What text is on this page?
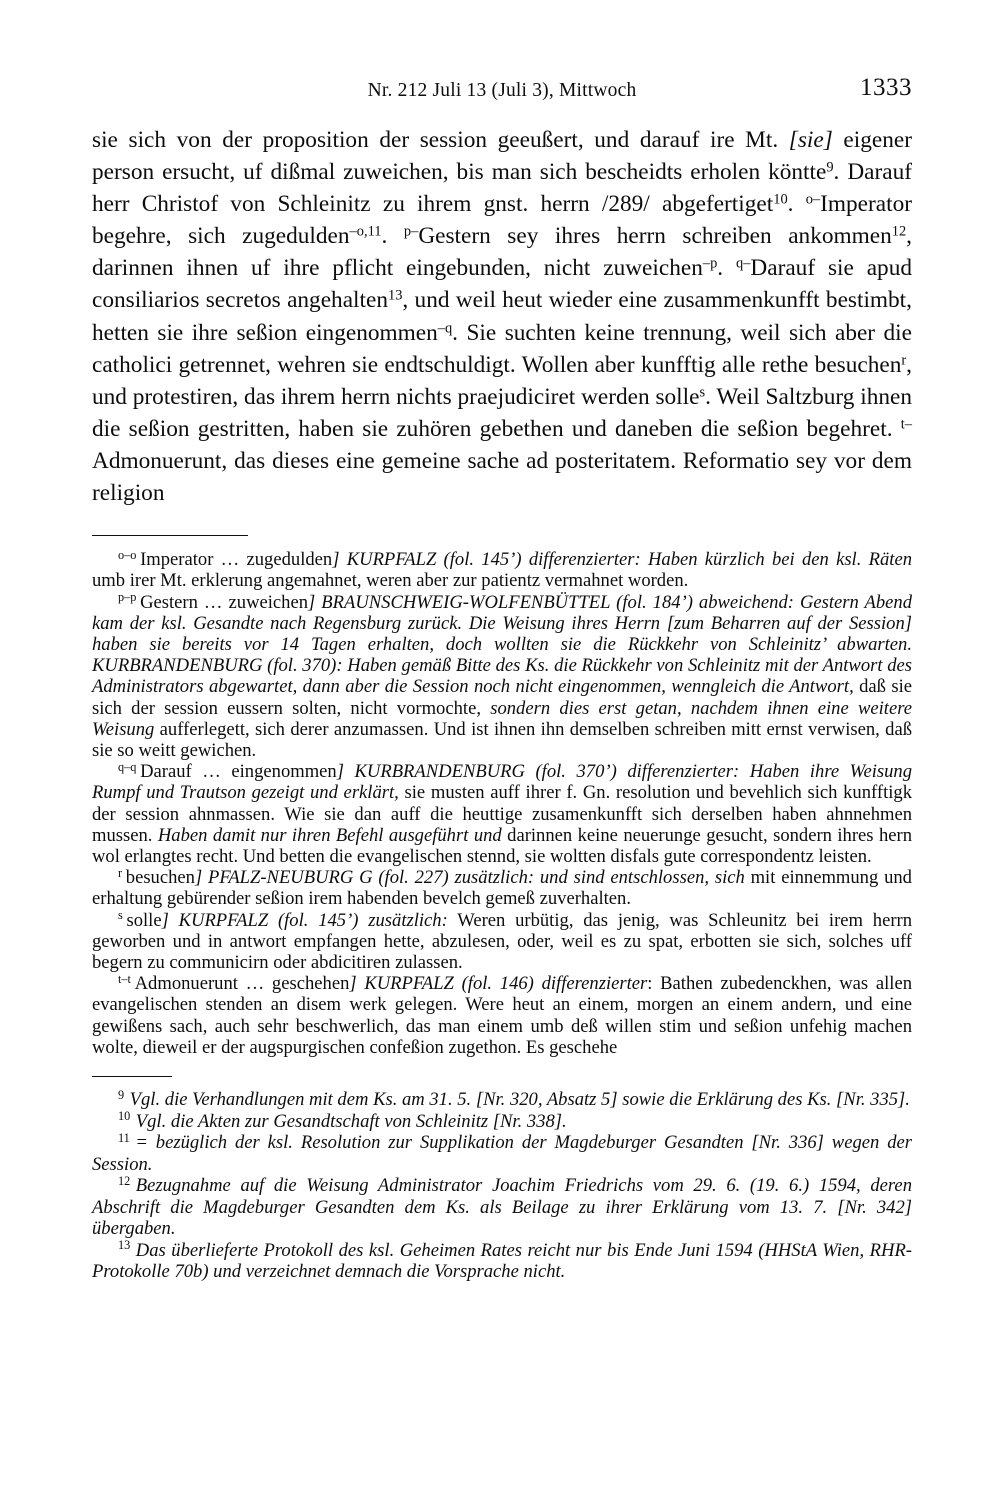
Nr. 212 Juli 13 (Juli 3), Mittwoch	1333

sie sich von der proposition der session geeußert, und darauf ire Mt. [sie] eigener person ersucht, uf dißmal zuweichen, bis man sich bescheidts erholen köntte$^9$. Darauf herr Christof von Schleinitz zu ihrem gnst. herrn /289/ abgefertiget$^{10}$. $^{o-}$Imperator begehre, sich zugedulden$^{-o,11}$. $^{p-}$Gestern sey ihres herrn schreiben ankommen$^{12}$, darinnen ihnen uf ihre pflicht eingebunden, nicht zuweichen$^{-p}$. $^{q-}$Darauf sie apud consiliarios secretos angehalten$^{13}$, und weil heut wieder eine zusammenkunfft bestimbt, hetten sie ihre seßion eingenommen$^{-q}$. Sie suchten keine trennung, weil sich aber die catholici getrennet, wehren sie endtschuldigt. Wollen aber kunfftig alle rethe besuchen$^r$, und protestiren, das ihrem herrn nichts praejudiciret werden solle$^s$. Weil Saltzburg ihnen die seßion gestritten, haben sie zuhören gebethen und daneben die seßion begehret. $^{t-}$Admonuerunt, das dieses eine gemeine sache ad posteritatem. Reformatio sey vor dem religion

$^{o-o}$ Imperator … zugedulden] KURPFALZ (fol. 145’) differenzierter: Haben kürzlich bei den ksl. Räten umb irer Mt. erklerung angemahnet, weren aber zur patientz vermahnet worden.

$^{p-p}$ Gestern … zuweichen] BRAUNSCHWEIG-WOLFENBÜTTEL (fol. 184’) abweichend: Gestern Abend kam der ksl. Gesandte nach Regensburg zurück. Die Weisung ihres Herrn [zum Beharren auf der Session] haben sie bereits vor 14 Tagen erhalten, doch wollten sie die Rückkehr von Schleinitz’ abwarten. KURBRANDENBURG (fol. 370): Haben gemäß Bitte des Ks. die Rückkehr von Schleinitz mit der Antwort des Administrators abgewartet, dann aber die Session noch nicht eingenommen, wenngleich die Antwort, daß sie sich der session eussern solten, nicht vormochte, sondern dies erst getan, nachdem ihnen eine weitere Weisung aufferlegett, sich derer anzumassen. Und ist ihnen ihn demselben schreiben mitt ernst verwisen, daß sie so weitt gewichen.

$^{q-q}$ Darauf … eingenommen] KURBRANDENBURG (fol. 370’) differenzierter: Haben ihre Weisung Rumpf und Trautson gezeigt und erklärt, sie musten auff ihrer f. Gn. resolution und bevehlich sich kunfftigk der session ahnmassen. Wie sie dan auff die heuttige zusamenkunfft sich derselben haben ahnnehmen mussen. Haben damit nur ihren Befehl ausgeführt und darinnen keine neuerunge gesucht, sondern ihres hern wol erlangtes recht. Und betten die evangelischen stennd, sie woltten disfals gute correspondentz leisten.

$^r$ besuchen] PFALZ-NEUBURG G (fol. 227) zusätzlich: und sind entschlossen, sich mit einnemmung und erhaltung gebürender seßion irem habenden bevelch gemeß zuverhalten.

$^s$ solle] KURPFALZ (fol. 145’) zusätzlich: Weren urbütig, das jenig, was Schleunitz bei irem herrn geworben und in antwort empfangen hette, abzulesen, oder, weil es zu spat, erbotten sie sich, solches uff begern zu communicirn oder abdicitiren zulassen.

$^{t-t}$ Admonuerunt … geschehen] KURPFALZ (fol. 146) differenzierter: Bathen zubedenckhen, was allen evangelischen stenden an disem werk gelegen. Were heut an einem, morgen an einem andern, und eine gewißens sach, auch sehr beschwerlich, das man einem umb deß willen stim und seßion unfehig machen wolte, dieweil er der augspurgischen confeßion zugethon. Es geschehe

$^9$ Vgl. die Verhandlungen mit dem Ks. am 31. 5. [Nr. 320, Absatz 5] sowie die Erklärung des Ks. [Nr. 335].

$^{10}$ Vgl. die Akten zur Gesandtschaft von Schleinitz [Nr. 338].

$^{11}$ = bezüglich der ksl. Resolution zur Supplikation der Magdeburger Gesandten [Nr. 336] wegen der Session.

$^{12}$ Bezugnahme auf die Weisung Administrator Joachim Friedrichs vom 29. 6. (19. 6.) 1594, deren Abschrift die Magdeburger Gesandten dem Ks. als Beilage zu ihrer Erklärung vom 13. 7. [Nr. 342] übergaben.

$^{13}$ Das überlieferte Protokoll des ksl. Geheimen Rates reicht nur bis Ende Juni 1594 (HHStA Wien, RHR-Protokolle 70b) und verzeichnet demnach die Vorsprache nicht.
